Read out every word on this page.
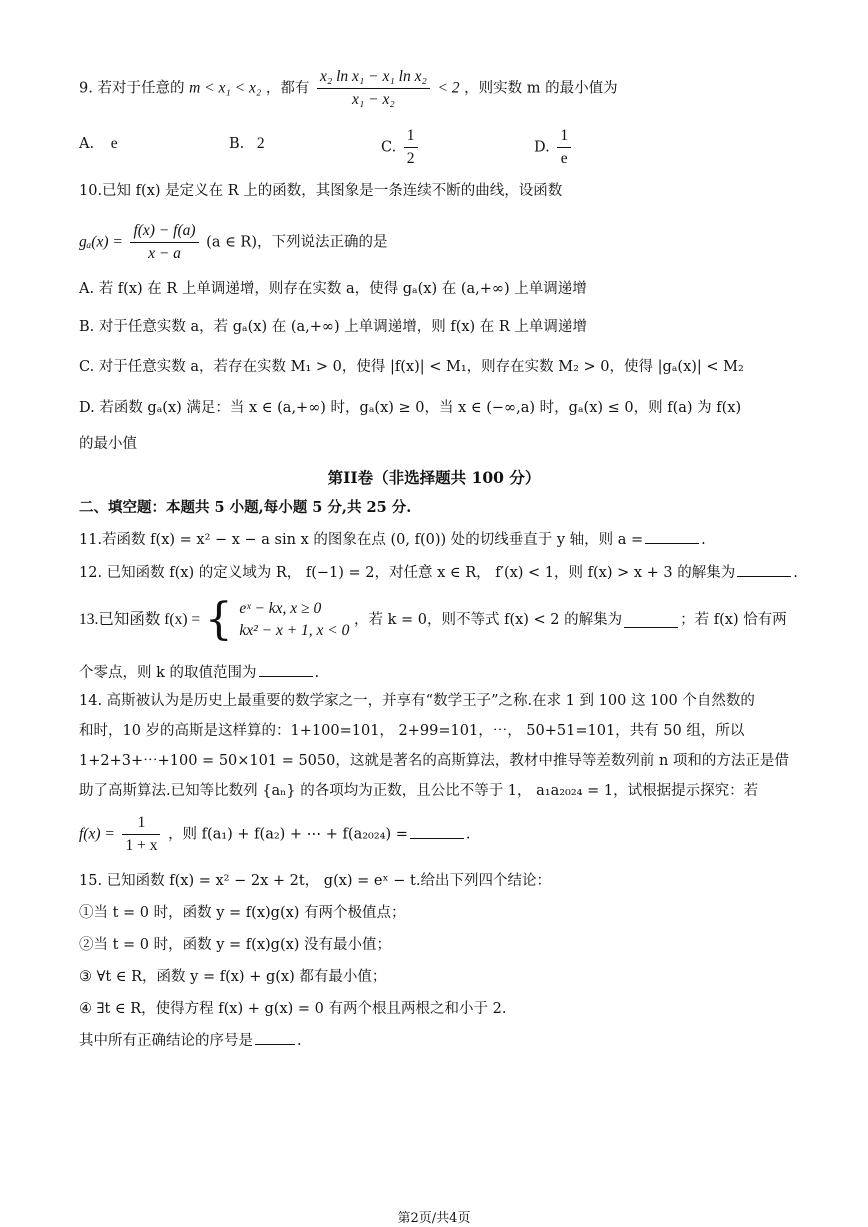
9. 若对于任意的 m < x₁ < x₂ ，都有 $\frac{\text{x₂ ln x₁ − x₁ ln x₂}}{\text{x₁ − x₂}} < 2$ ，则实数 m 的最小值为
A. e	B. 2	C. $\frac{1}{2}$	D. $\frac{1}{e}$
10.已知 f(x) 是定义在 R 上的函数，其图象是一条连续不断的曲线，设函数
$g_a(x) = \frac{f(x) - f(a)}{x - a} (a$ ∈ R)，下列说法正确的是
A. 若 f(x) 在 R 上单调递增，则存在实数 a，使得 gₐ(x) 在 (a,+∞) 上单调递增
B. 对于任意实数 a，若 gₐ(x) 在 (a,+∞) 上单调递增，则 f(x) 在 R 上单调递增
C. 对于任意实数 a，若存在实数 M₁ > 0，使得 |f(x)| < M₁，则存在实数 M₂ > 0，使得 |gₐ(x)| < M₂
D. 若函数 gₐ(x) 满足：当 x ∈ (a,+∞) 时，gₐ(x) ≥ 0，当 x ∈ (−∞,a) 时，gₐ(x) ≤ 0，则 f(a) 为 f(x)
的最小值
第II卷（非选择题共 100 分）
二、填空题：本题共 5 小题,每小题 5 分,共 25 分.
11.若函数 f(x) = x² − x − a sin x 的图象在点 (0, f(0)) 处的切线垂直于 y 轴，则 a =	.
12. 已知函数 f(x) 的定义域为 R， f(−1) = 2，对任意 x ∈ R， f′(x) < 1，则 f(x) > x + 3 的解集为	.
13.已知函数 f(x) = { eˣ − kx, x ≥ 0
kx² − x + 1, x < 0
，若 k = 0，则不等式 f(x) < 2 的解集为	；若 f(x) 恰有两
个零点，则 k 的取值范围为	.
14. 高斯被认为是历史上最重要的数学家之一，并享有“数学王子”之称.在求 1 到 100 这 100 个自然数的
和时，10 岁的高斯是这样算的：1+100=101， 2+99=101，⋯， 50+51=101，共有 50 组，所以
1+2+3+⋯+100 = 50×101 = 5050，这就是著名的高斯算法，教材中推导等差数列前 n 项和的方法正是借
助了高斯算法.已知等比数列 {aₙ} 的各项均为正数，且公比不等于 1， a₁a₂₀₂₄ = 1，试根据提示探究：若
$f(x) = \frac{1}{1 + x}$ ，则 f(a₁) + f(a₂) + ⋯ + f(a₂₀₂₄) =	.
15. 已知函数 f(x) = x² − 2x + 2t， g(x) = eˣ − t.给出下列四个结论：
①当 t = 0 时，函数 y = f(x)g(x) 有两个极值点；
②当 t = 0 时，函数 y = f(x)g(x) 没有最小值；
③ ∀t ∈ R，函数 y = f(x) + g(x) 都有最小值；
④ ∃t ∈ R，使得方程 f(x) + g(x) = 0 有两个根且两根之和小于 2.
其中所有正确结论的序号是	.
第2页/共4页
